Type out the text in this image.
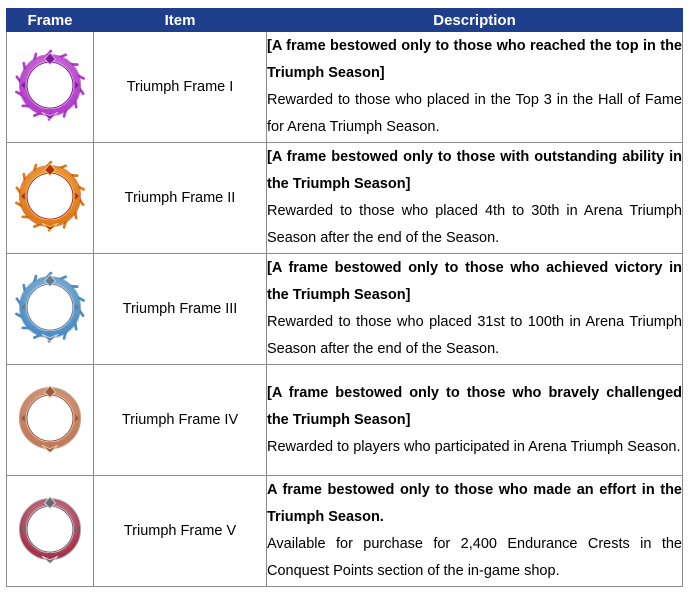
Frame	Item	Description

	Triumph Frame I	[A frame bestowed only to those who reached the top in the Triumph Season]
Rewarded to those who placed in the Top 3 in the Hall of Fame for Arena Triumph Season.

	Triumph Frame II	[A frame bestowed only to those with outstanding ability in the Triumph Season]
Rewarded to those who placed 4th to 30th in Arena Triumph Season after the end of the Season.

	Triumph Frame III	[A frame bestowed only to those who achieved victory in the Triumph Season]
Rewarded to those who placed 31st to 100th in Arena Triumph Season after the end of the Season.

	Triumph Frame IV	[A frame bestowed only to those who bravely challenged the Triumph Season]
Rewarded to players who participated in Arena Triumph Season.

	Triumph Frame V	A frame bestowed only to those who made an effort in the Triumph Season.
Available for purchase for 2,400 Endurance Crests in the Conquest Points section of the in-game shop.
